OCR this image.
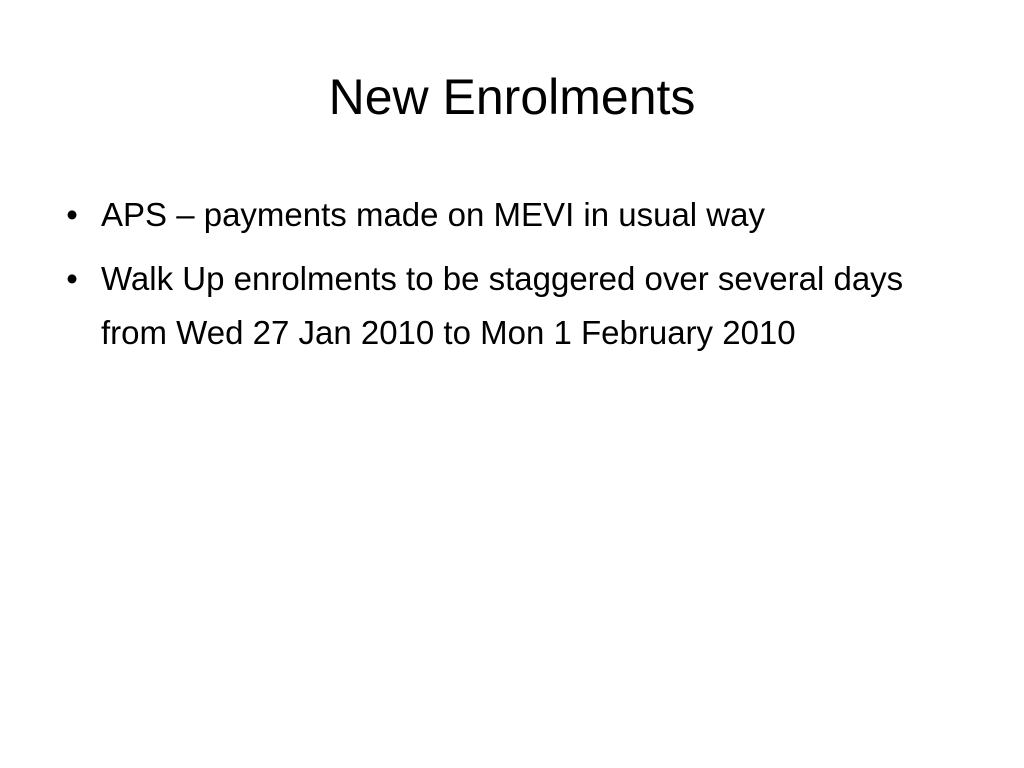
New Enrolments
• APS – payments made on MEVI in usual way
• Walk Up enrolments to be staggered over several days from Wed 27 Jan 2010 to Mon 1 February 2010
